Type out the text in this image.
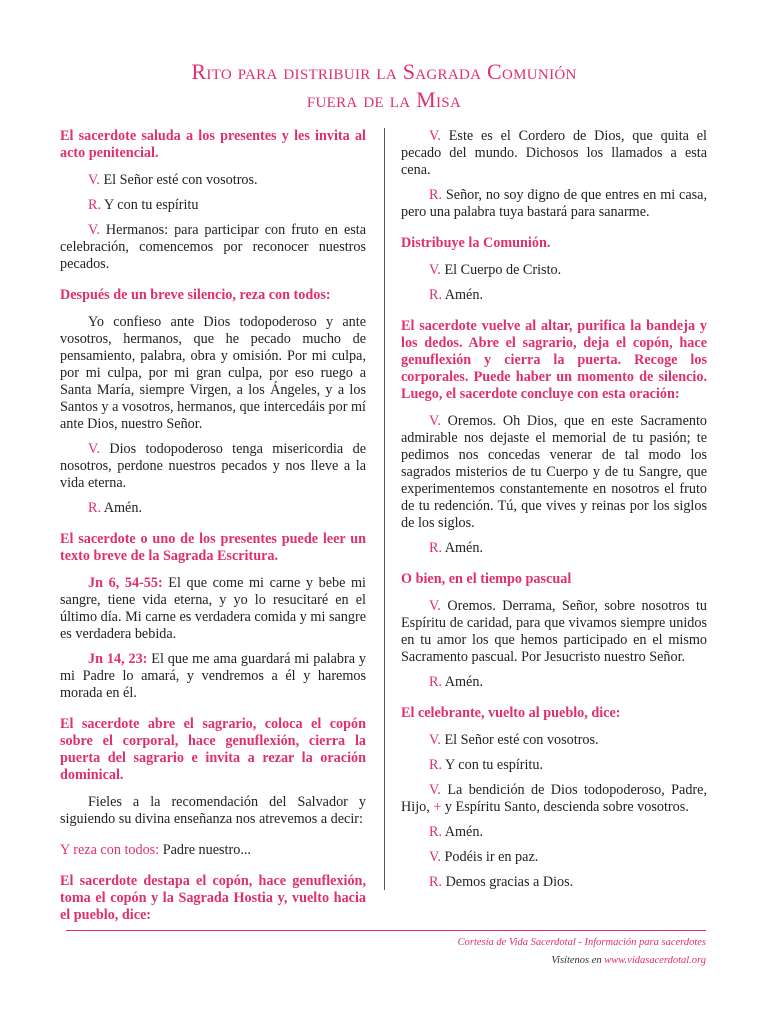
Rito para distribuir la Sagrada Comunión
fuera de la Misa

El sacerdote saluda a los presentes y les invita al acto penitencial.

V. El Señor esté con vosotros.

R. Y con tu espíritu

V. Hermanos: para participar con fruto en esta celebración, comencemos por reconocer nuestros pecados.

Después de un breve silencio, reza con todos:

Yo confieso ante Dios todopoderoso y ante vosotros, hermanos, que he pecado mucho de pensamiento, palabra, obra y omisión. Por mi culpa, por mi culpa, por mi gran culpa, por eso ruego a Santa María, siempre Virgen, a los Ángeles, y a los Santos y a vosotros, hermanos, que intercedáis por mí ante Dios, nuestro Señor.

V. Dios todopoderoso tenga misericordia de nosotros, perdone nuestros pecados y nos lleve a la vida eterna.

R. Amén.

El sacerdote o uno de los presentes puede leer un texto breve de la Sagrada Escritura.

Jn 6, 54-55: El que come mi carne y bebe mi sangre, tiene vida eterna, y yo lo resucitaré en el último día. Mi carne es verdadera comida y mi sangre es verdadera bebida.

Jn 14, 23: El que me ama guardará mi palabra y mi Padre lo amará, y vendremos a él y haremos morada en él.

El sacerdote abre el sagrario, coloca el copón sobre el corporal, hace genuflexión, cierra la puerta del sagrario e invita a rezar la oración dominical.

Fieles a la recomendación del Salvador y siguiendo su divina enseñanza nos atrevemos a decir:

Y reza con todos: Padre nuestro...

El sacerdote destapa el copón, hace genuflexión, toma el copón y la Sagrada Hostia y, vuelto hacia el pueblo, dice:

V. Este es el Cordero de Dios, que quita el pecado del mundo. Dichosos los llamados a esta cena.

R. Señor, no soy digno de que entres en mi casa, pero una palabra tuya bastará para sanarme.

Distribuye la Comunión.

V. El Cuerpo de Cristo.

R. Amén.

El sacerdote vuelve al altar, purifica la bandeja y los dedos. Abre el sagrario, deja el copón, hace genuflexión y cierra la puerta. Recoge los corporales. Puede haber un momento de silencio. Luego, el sacerdote concluye con esta oración:

V. Oremos. Oh Dios, que en este Sacramento admirable nos dejaste el memorial de tu pasión; te pedimos nos concedas venerar de tal modo los sagrados misterios de tu Cuerpo y de tu Sangre, que experimentemos constantemente en nosotros el fruto de tu redención. Tú, que vives y reinas por los siglos de los siglos.

R. Amén.

O bien, en el tiempo pascual

V. Oremos. Derrama, Señor, sobre nosotros tu Espíritu de caridad, para que vivamos siempre unidos en tu amor los que hemos participado en el mismo Sacramento pascual. Por Jesucristo nuestro Señor.

R. Amén.

El celebrante, vuelto al pueblo, dice:

V. El Señor esté con vosotros.

R. Y con tu espíritu.

V. La bendición de Dios todopoderoso, Padre, Hijo, + y Espíritu Santo, descienda sobre vosotros.

R. Amén.

V. Podéis ir en paz.

R. Demos gracias a Dios.

Cortesía de Vida Sacerdotal - Información para sacerdotes
Visítenos en www.vidasacerdotal.org
